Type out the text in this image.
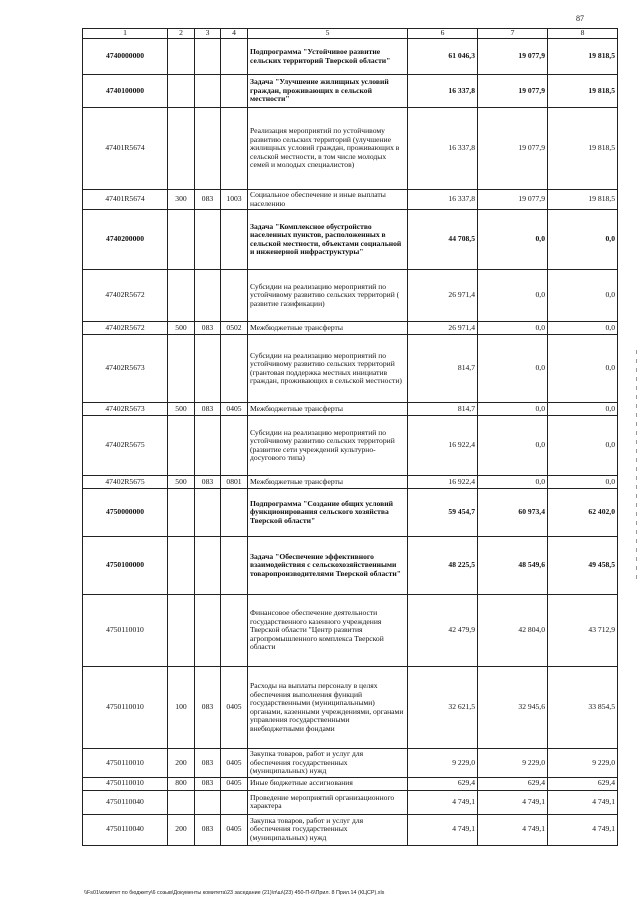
87
1	2	3	4	5	6	7	8
4740000000				Подпрограмма "Устойчивое развитие сельских территорий Тверской области"	61 046,3	19 077,9	19 818,5
4740100000				Задача "Улучшение жилищных условий граждан, проживающих в сельской местности"	16 337,8	19 077,9	19 818,5
47401R5674				Реализация мероприятий по устойчивому развитию сельских территорий (улучшение жилищных условий граждан, проживающих в сельской местности, в том числе молодых семей и молодых специалистов)	16 337,8	19 077,9	19 818,5
47401R5674	300	083	1003	Социальное обеспечение и иные выплаты населению	16 337,8	19 077,9	19 818,5
4740200000				Задача "Комплексное обустройство населенных пунктов, расположенных в сельской местности, объектами социальной и инженерной инфраструктуры"	44 708,5	0,0	0,0
47402R5672				Субсидии на реализацию мероприятий по устойчивому развитию сельских территорий ( развитие газификации)	26 971,4	0,0	0,0
47402R5672	500	083	0502	Межбюджетные трансферты	26 971,4	0,0	0,0
47402R5673				Субсидии на реализацию мероприятий по устойчивому развитию сельских территорий (грантовая поддержка местных инициатив граждан, проживающих в сельской местности)	814,7	0,0	0,0
47402R5673	500	083	0405	Межбюджетные трансферты	814,7	0,0	0,0
47402R5675				Субсидии на реализацию мероприятий по устойчивому развитию сельских территорий (развитие сети учреждений культурно-досугового типа)	16 922,4	0,0	0,0
47402R5675	500	083	0801	Межбюджетные трансферты	16 922,4	0,0	0,0
4750000000				Подпрограмма "Создание общих условий функционирования сельского хозяйства Тверской области"	59 454,7	60 973,4	62 402,0
4750100000				Задача "Обеспечение эффективного взаимодействия с сельскохозяйственными товаропроизводителями Тверской области"	48 225,5	48 549,6	49 458,5
4750110010				Финансовое обеспечение деятельности государственного казенного учреждения Тверской области "Центр развития агропромышленного комплекса Тверской области	42 479,9	42 804,0	43 712,9
4750110010	100	083	0405	Расходы на выплаты персоналу в целях обеспечения выполнения функций государственными (муниципальными) органами, казенными учреждениями, органами управления государственными внебюджетными фондами	32 621,5	32 945,6	33 854,5
4750110010	200	083	0405	Закупка товаров, работ и услуг для обеспечения государственных (муниципальных) нужд	9 229,0	9 229,0	9 229,0
4750110010	800	083	0405	Иные бюджетные ассигнования	629,4	629,4	629,4
4750110040				Проведение мероприятий организационного характера	4 749,1	4 749,1	4 749,1
4750110040	200	083	0405	Закупка товаров, работ и услуг для обеспечения государственных (муниципальных) нужд	4 749,1	4 749,1	4 749,1
\\Fs01\комитет по бюджету\6 созыв\Документы комитета\23 заседание (21)\п\ш\(23) 450-П-6\Прил. 8 Прил.14 (КЦСР).xls
